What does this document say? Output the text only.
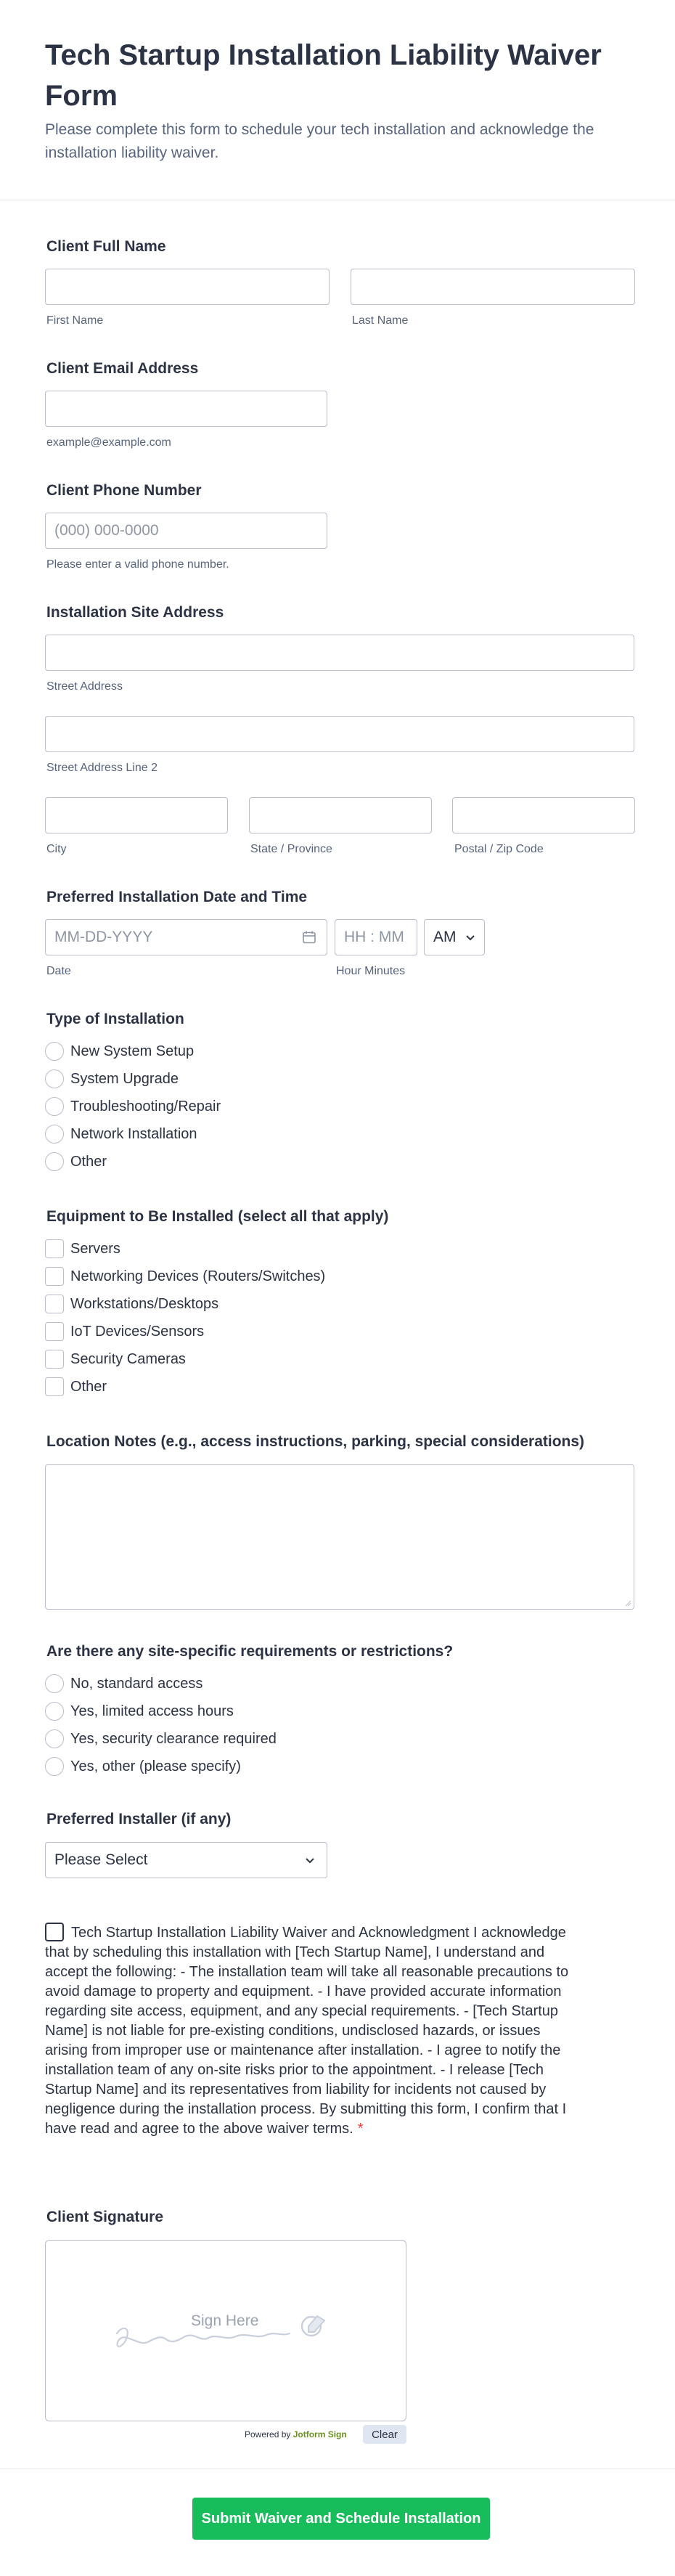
Tech Startup Installation Liability Waiver Form
Please complete this form to schedule your tech installation and acknowledge the installation liability waiver.
Client Full Name
First Name	Last Name
Client Email Address
example@example.com
Client Phone Number
(000) 000-0000
Please enter a valid phone number.
Installation Site Address
Street Address
Street Address Line 2
City	State / Province	Postal / Zip Code
Preferred Installation Date and Time
MM-DD-YYYY	HH : MM AM
Date	Hour Minutes
Type of Installation
New System Setup
System Upgrade
Troubleshooting/Repair
Network Installation
Other
Equipment to Be Installed (select all that apply)
Servers
Networking Devices (Routers/Switches)
Workstations/Desktops
IoT Devices/Sensors
Security Cameras
Other
Location Notes (e.g., access instructions, parking, special considerations)
Are there any site-specific requirements or restrictions?
No, standard access
Yes, limited access hours
Yes, security clearance required
Yes, other (please specify)
Preferred Installer (if any)
Please Select
Tech Startup Installation Liability Waiver and Acknowledgment I acknowledge that by scheduling this installation with [Tech Startup Name], I understand and accept the following: - The installation team will take all reasonable precautions to avoid damage to property and equipment. - I have provided accurate information regarding site access, equipment, and any special requirements. - [Tech Startup Name] is not liable for pre-existing conditions, undisclosed hazards, or issues arising from improper use or maintenance after installation. - I agree to notify the installation team of any on-site risks prior to the appointment. - I release [Tech Startup Name] and its representatives from liability for incidents not caused by negligence during the installation process. By submitting this form, I confirm that I have read and agree to the above waiver terms. *
Client Signature
Sign Here
Powered by Jotform Sign	Clear
Submit Waiver and Schedule Installation
